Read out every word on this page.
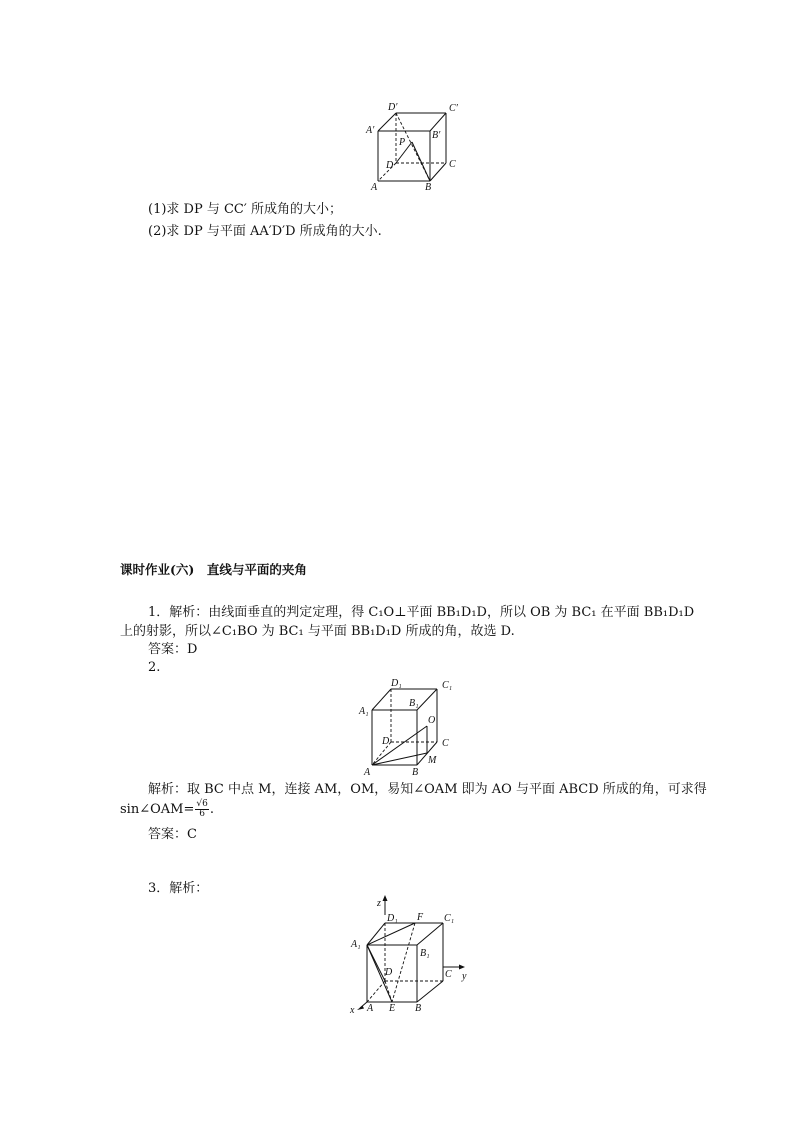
D′	C′
A′	B′
P
D	C
A	B
(1)求 DP 与 CC′ 所成角的大小；
(2)求 DP 与平面 AA′D′D 所成角的大小.
课时作业(六)　直线与平面的夹角
1．解析：由线面垂直的判定定理，得 C₁O⊥平面 BB₁D₁D，所以 OB 为 BC₁ 在平面 BB₁D₁D
上的射影，所以∠C₁BO 为 BC₁ 与平面 BB₁D₁D 所成的角，故选 D.
答案：D
2.
D₁	C₁
A₁
B₁
O
D	C
A	B
M
解析：取 BC 中点 M，连接 AM，OM，易知∠OAM 即为 AO 与平面 ABCD 所成的角，可求得
sin∠OAM= $\frac{√6}{6}$ .
答案：C
3．解析：
z
D₁ F C₁
A₁
B₁
D	C y
x A E B
